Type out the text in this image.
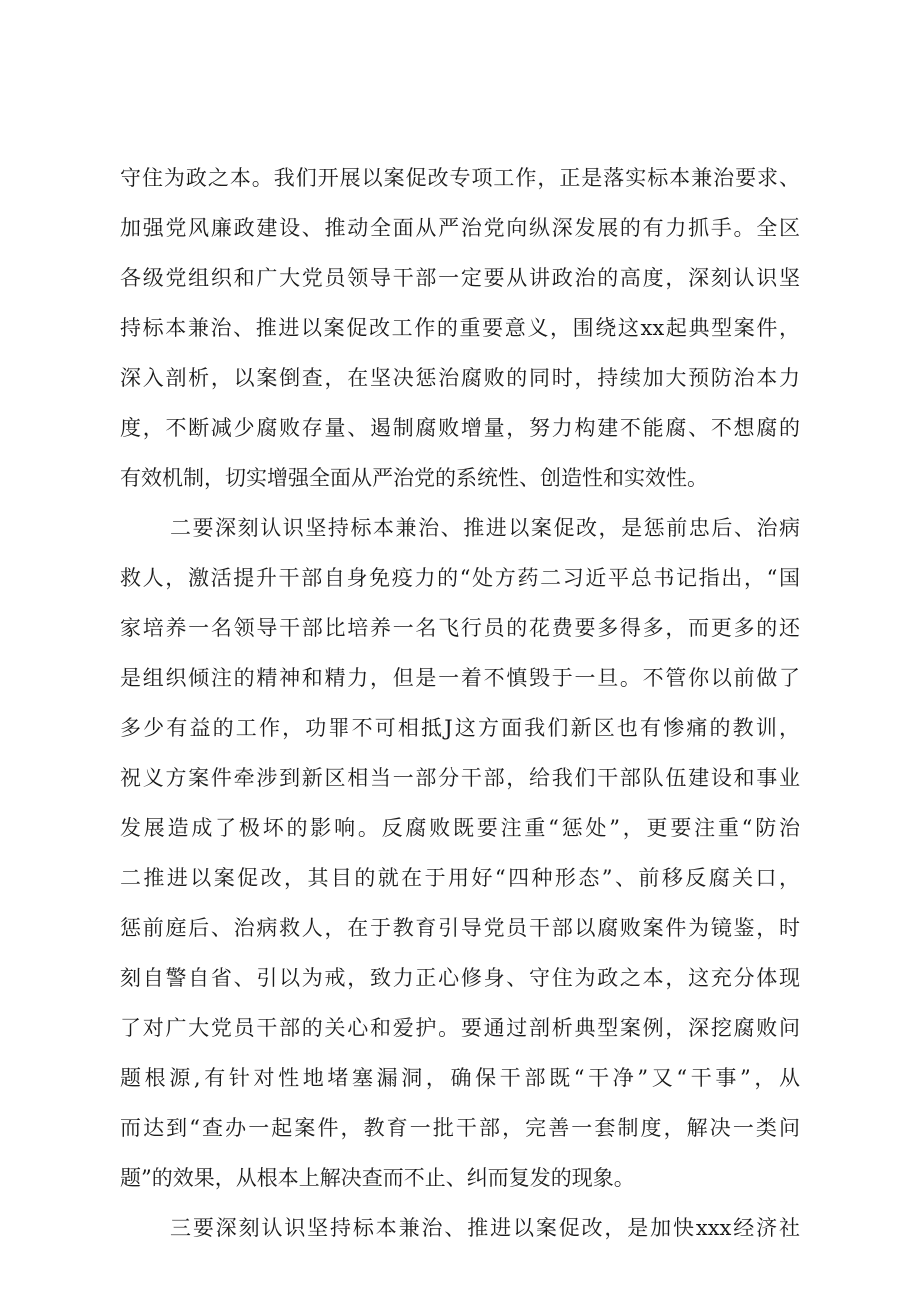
守住为政之本。我们开展以案促改专项工作，正是落实标本兼治要求、
加强党风廉政建设、推动全面从严治党向纵深发展的有力抓手。全区
各级党组织和广大党员领导干部一定要从讲政治的高度，深刻认识坚
持标本兼治、推进以案促改工作的重要意义，围绕这xx起典型案件，
深入剖析，以案倒查，在坚决惩治腐败的同时，持续加大预防治本力
度，不断减少腐败存量、遏制腐败增量，努力构建不能腐、不想腐的
有效机制，切实增强全面从严治党的系统性、创造性和实效性。
二要深刻认识坚持标本兼治、推进以案促改，是惩前忠后、治病
救人，激活提升干部自身免疫力的“处方药二习近平总书记指出，“国
家培养一名领导干部比培养一名飞行员的花费要多得多，而更多的还
是组织倾注的精神和精力，但是一着不慎毁于一旦。不管你以前做了
多少有益的工作，功罪不可相抵J这方面我们新区也有惨痛的教训，
祝义方案件牵涉到新区相当一部分干部，给我们干部队伍建设和事业
发展造成了极坏的影响。反腐败既要注重“惩处”，更要注重“防治
二推进以案促改，其目的就在于用好“四种形态”、前移反腐关口，
惩前庭后、治病救人，在于教育引导党员干部以腐败案件为镜鉴，时
刻自警自省、引以为戒，致力正心修身、守住为政之本，这充分体现
了对广大党员干部的关心和爱护。要通过剖析典型案例，深挖腐败问
题根源,有针对性地堵塞漏洞，确保干部既“干净”又“干事”，从
而达到“查办一起案件，教育一批干部，完善一套制度，解决一类问
题”的效果，从根本上解决查而不止、纠而复发的现象。
三要深刻认识坚持标本兼治、推进以案促改，是加快xxx经济社
